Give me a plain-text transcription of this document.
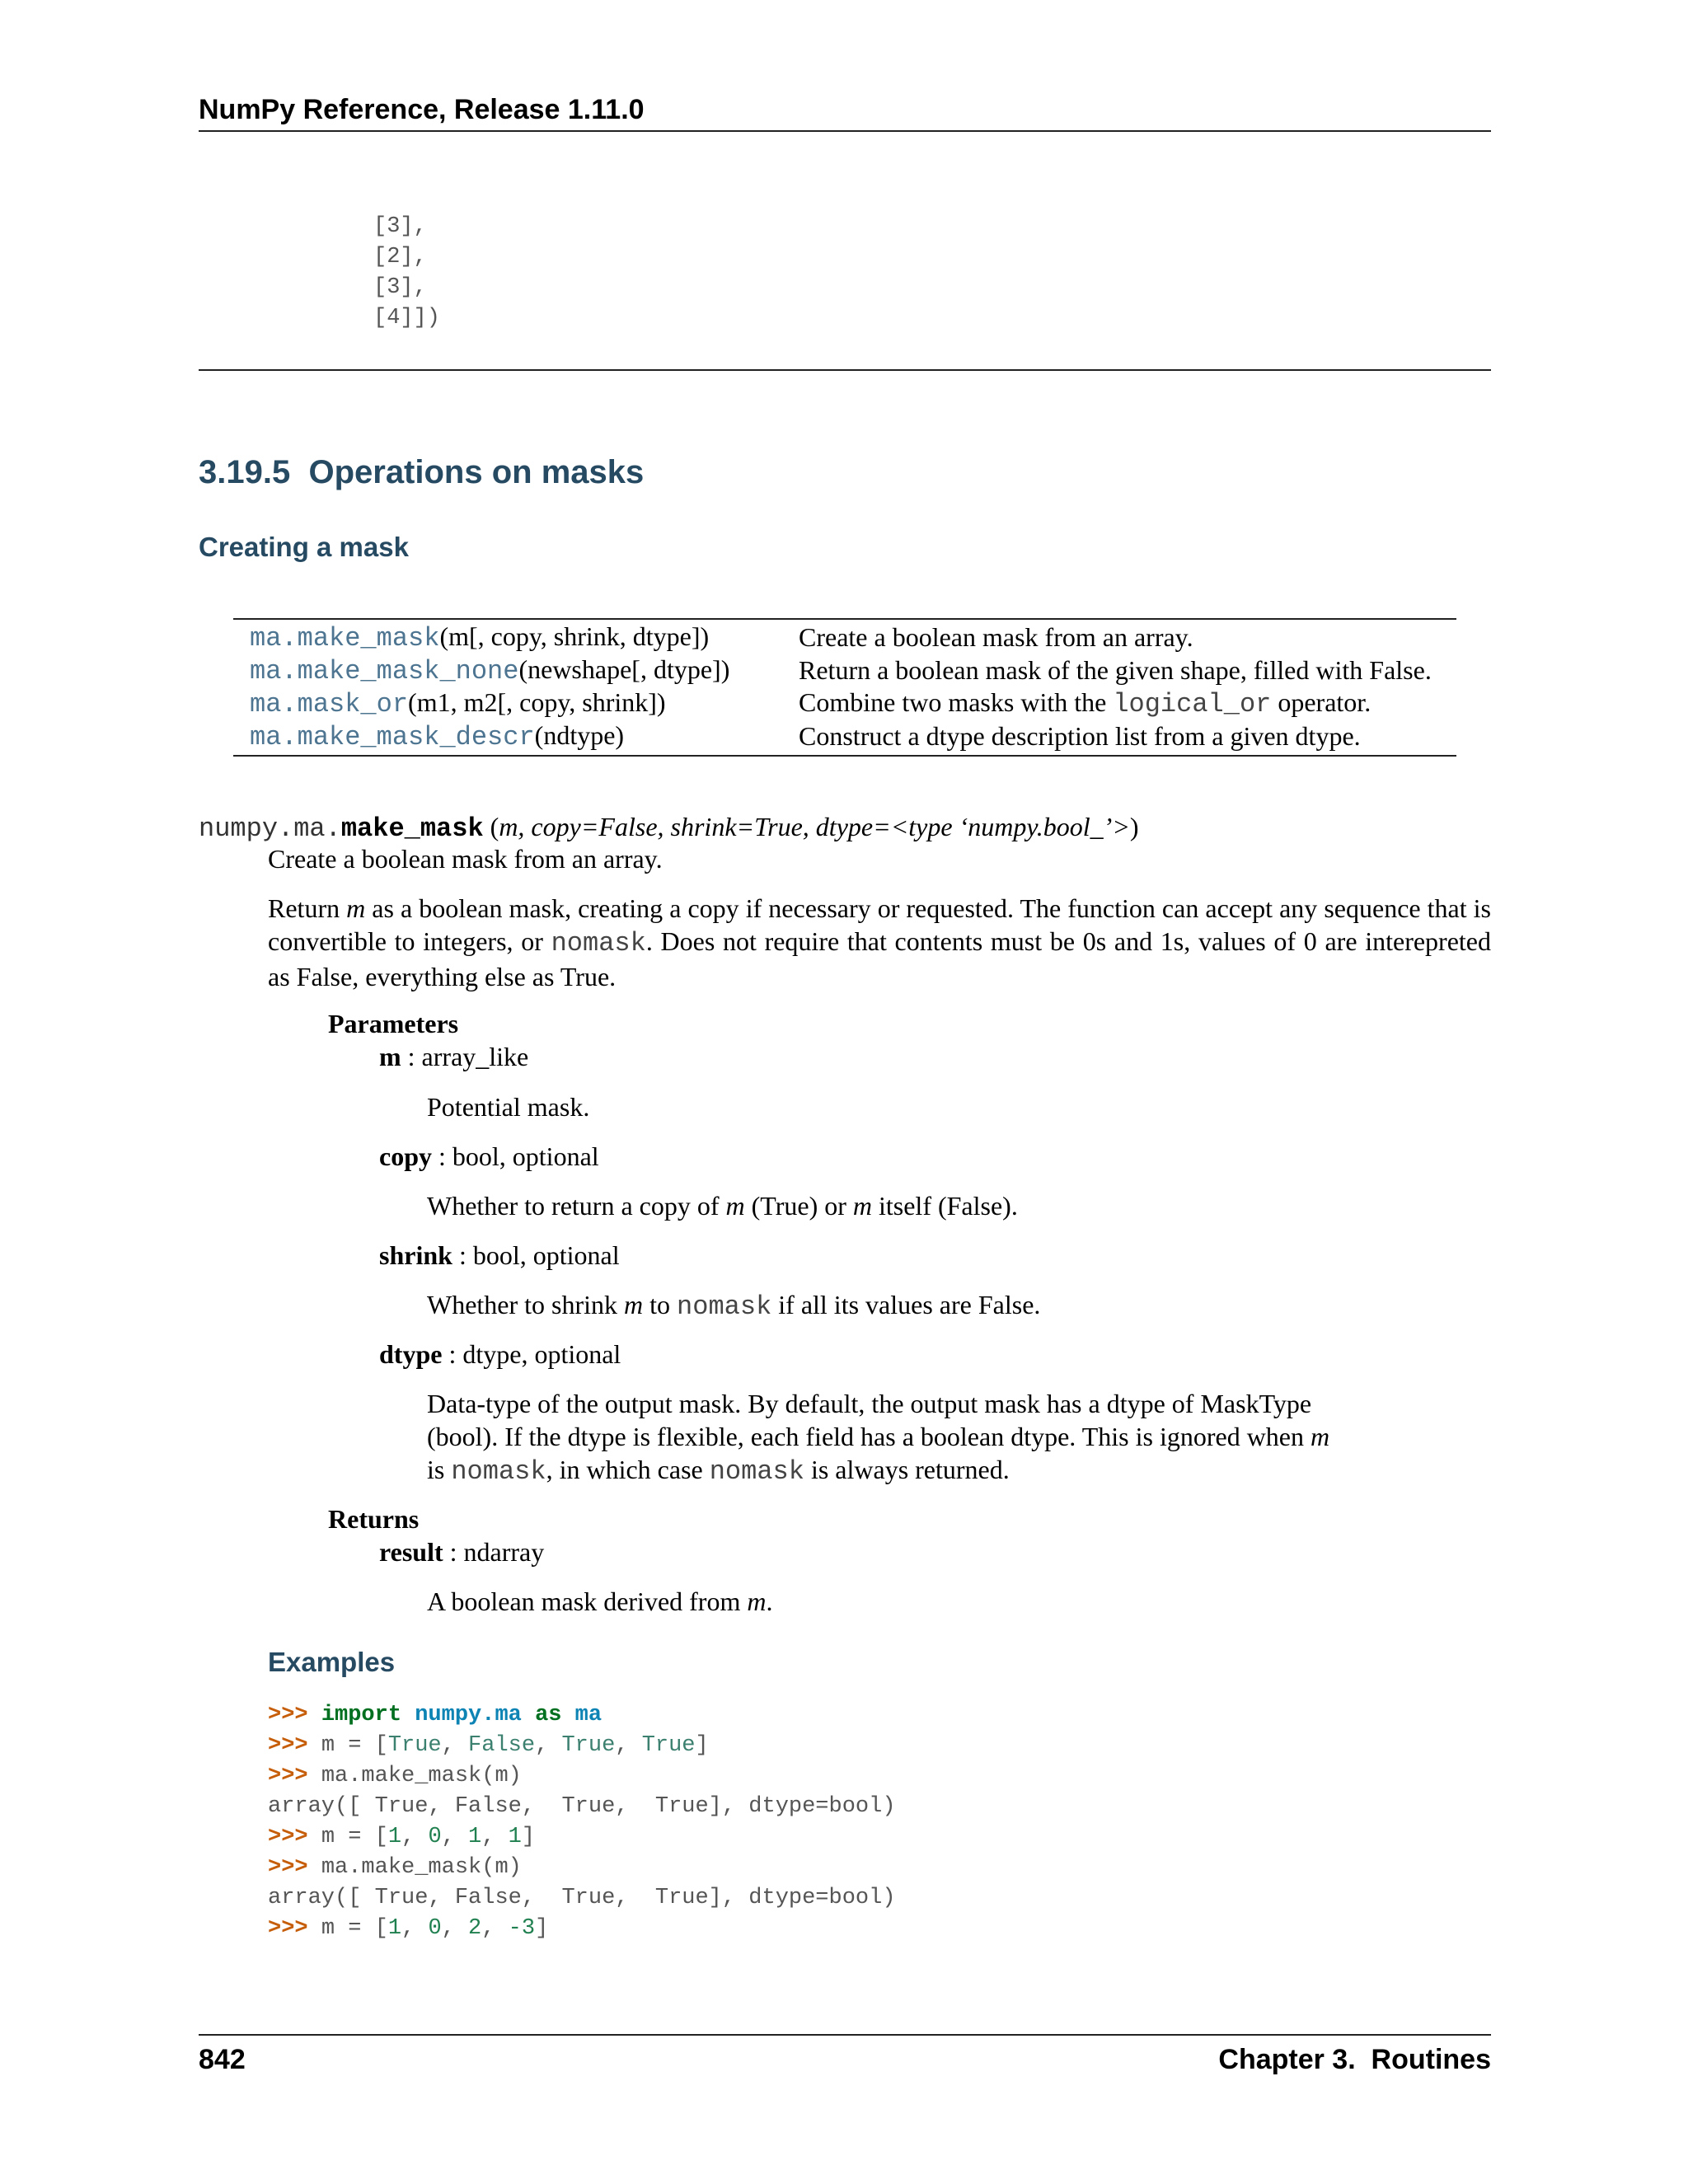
NumPy Reference, Release 1.11.0
[3],
[2],
[3],
[4]])
3.19.5 Operations on masks
Creating a mask
ma.make_mask(m[, copy, shrink, dtype])	Create a boolean mask from an array.
ma.make_mask_none(newshape[, dtype])	Return a boolean mask of the given shape, filled with False.
ma.mask_or(m1, m2[, copy, shrink])	Combine two masks with the logical_or operator.
ma.make_mask_descr(ndtype)	Construct a dtype description list from a given dtype.
numpy.ma.make_mask (m, copy=False, shrink=True, dtype=<type ‘numpy.bool_’>)
Create a boolean mask from an array.
Return m as a boolean mask, creating a copy if necessary or requested. The function can accept any sequence that is convertible to integers, or nomask. Does not require that contents must be 0s and 1s, values of 0 are interepreted as False, everything else as True.
Parameters
m : array_like
Potential mask.
copy : bool, optional
Whether to return a copy of m (True) or m itself (False).
shrink : bool, optional
Whether to shrink m to nomask if all its values are False.
dtype : dtype, optional
Data-type of the output mask. By default, the output mask has a dtype of MaskType
(bool). If the dtype is flexible, each field has a boolean dtype. This is ignored when m
is nomask, in which case nomask is always returned.
Returns
result : ndarray
A boolean mask derived from m.
Examples
>>> import numpy.ma as ma
>>> m = [True, False, True, True]
>>> ma.make_mask(m)
array([ True, False,  True,  True], dtype=bool)
>>> m = [1, 0, 1, 1]
>>> ma.make_mask(m)
array([ True, False,  True,  True], dtype=bool)
>>> m = [1, 0, 2, -3]
842	Chapter 3.  Routines
